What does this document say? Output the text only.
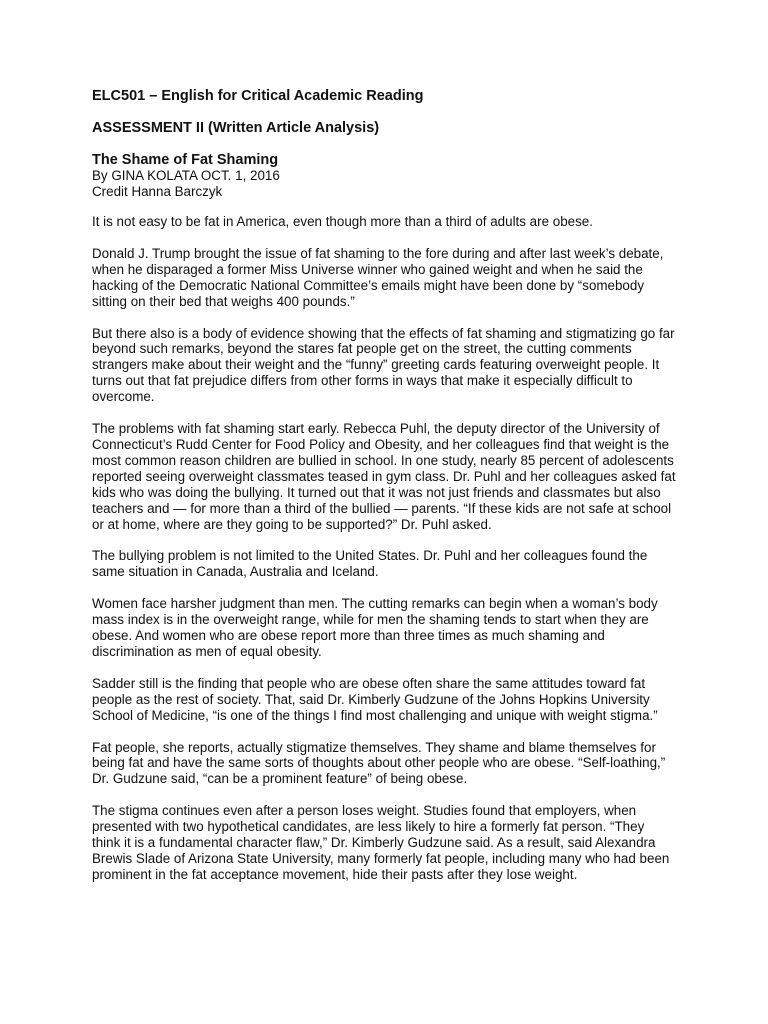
ELC501 – English for Critical Academic Reading
ASSESSMENT II (Written Article Analysis)
The Shame of Fat Shaming
By GINA KOLATA OCT. 1, 2016
Credit Hanna Barczyk

It is not easy to be fat in America, even though more than a third of adults are obese.

Donald J. Trump brought the issue of fat shaming to the fore during and after last week’s debate, when he disparaged a former Miss Universe winner who gained weight and when he said the hacking of the Democratic National Committee’s emails might have been done by “somebody sitting on their bed that weighs 400 pounds.”

But there also is a body of evidence showing that the effects of fat shaming and stigmatizing go far beyond such remarks, beyond the stares fat people get on the street, the cutting comments strangers make about their weight and the “funny” greeting cards featuring overweight people. It turns out that fat prejudice differs from other forms in ways that make it especially difficult to overcome.

The problems with fat shaming start early. Rebecca Puhl, the deputy director of the University of Connecticut’s Rudd Center for Food Policy and Obesity, and her colleagues find that weight is the most common reason children are bullied in school. In one study, nearly 85 percent of adolescents reported seeing overweight classmates teased in gym class. Dr. Puhl and her colleagues asked fat kids who was doing the bullying. It turned out that it was not just friends and classmates but also teachers and — for more than a third of the bullied — parents. “If these kids are not safe at school or at home, where are they going to be supported?” Dr. Puhl asked.

The bullying problem is not limited to the United States. Dr. Puhl and her colleagues found the same situation in Canada, Australia and Iceland.

Women face harsher judgment than men. The cutting remarks can begin when a woman’s body mass index is in the overweight range, while for men the shaming tends to start when they are obese. And women who are obese report more than three times as much shaming and discrimination as men of equal obesity.

Sadder still is the finding that people who are obese often share the same attitudes toward fat people as the rest of society. That, said Dr. Kimberly Gudzune of the Johns Hopkins University School of Medicine, “is one of the things I find most challenging and unique with weight stigma.”

Fat people, she reports, actually stigmatize themselves. They shame and blame themselves for being fat and have the same sorts of thoughts about other people who are obese. “Self-loathing,” Dr. Gudzune said, “can be a prominent feature” of being obese.

The stigma continues even after a person loses weight. Studies found that employers, when presented with two hypothetical candidates, are less likely to hire a formerly fat person. “They think it is a fundamental character flaw,” Dr. Kimberly Gudzune said. As a result, said Alexandra Brewis Slade of Arizona State University, many formerly fat people, including many who had been prominent in the fat acceptance movement, hide their pasts after they lose weight.
